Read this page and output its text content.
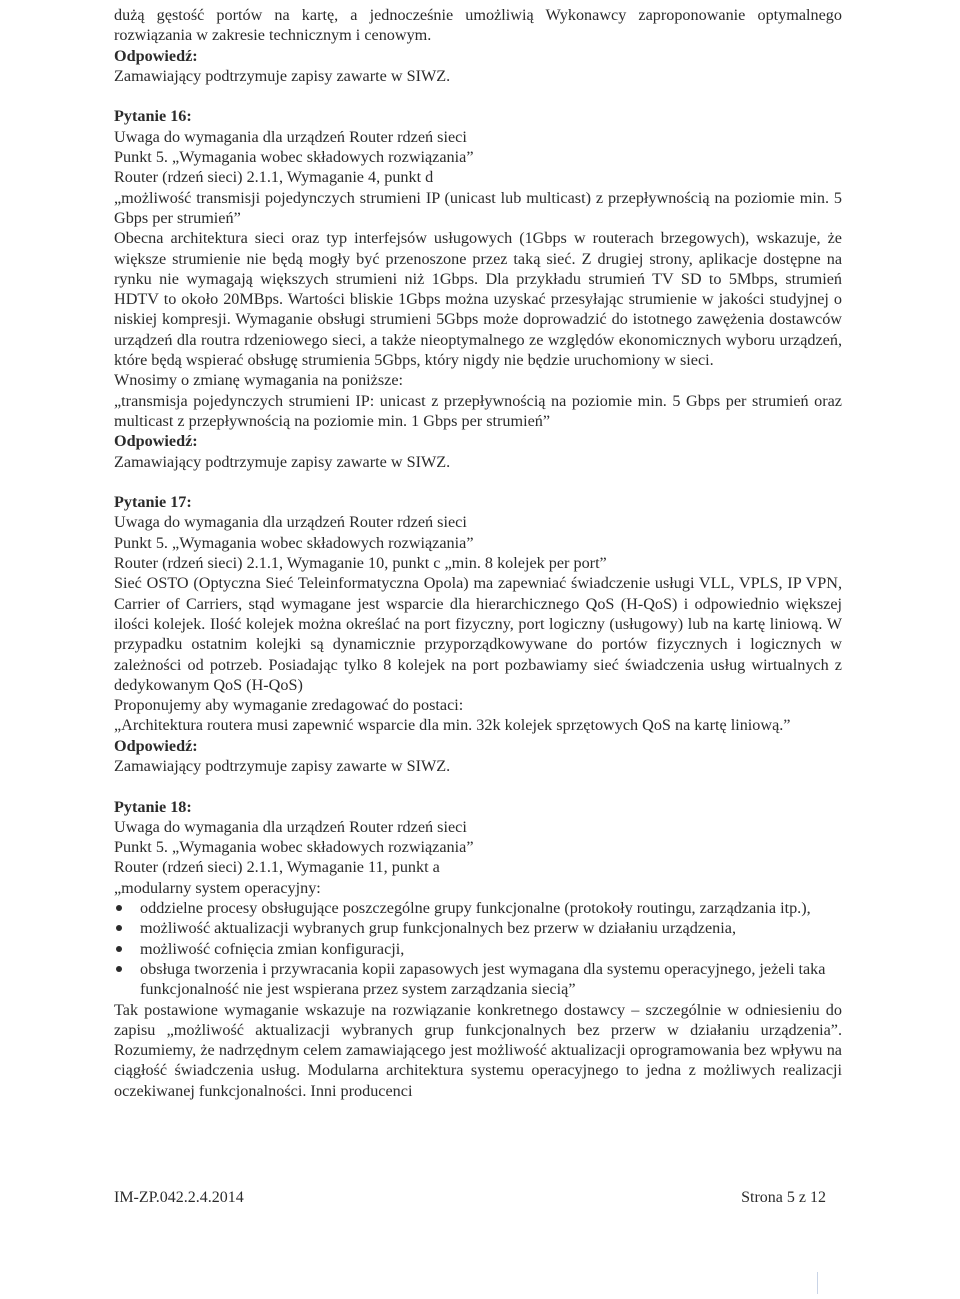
dużą gęstość portów na kartę, a jednocześnie umożliwią Wykonawcy zaproponowanie optymalnego rozwiązania w zakresie technicznym i cenowym.

Odpowiedź:

Zamawiający podtrzymuje zapisy zawarte w SIWZ.

Pytanie 16:

Uwaga do wymagania dla urządzeń Router rdzeń sieci

Punkt 5. „Wymagania wobec składowych rozwiązania”

Router (rdzeń sieci) 2.1.1, Wymaganie 4, punkt d

„możliwość transmisji pojedynczych strumieni IP (unicast lub multicast) z przepływnością na poziomie min. 5 Gbps per strumień”

Obecna architektura sieci oraz typ interfejsów usługowych (1Gbps w routerach brzegowych), wskazuje, że większe strumienie nie będą mogły być przenoszone przez taką sieć. Z drugiej strony, aplikacje dostępne na rynku nie wymagają większych strumieni niż 1Gbps. Dla przykładu strumień TV SD to 5Mbps, strumień HDTV to około 20MBps. Wartości bliskie 1Gbps można uzyskać przesyłając strumienie w jakości studyjnej o niskiej kompresji. Wymaganie obsługi strumieni 5Gbps może doprowadzić do istotnego zawężenia dostawców urządzeń dla routra rdzeniowego sieci, a także nieoptymalnego ze względów ekonomicznych wyboru urządzeń, które będą wspierać obsługę strumienia 5Gbps, który nigdy nie będzie uruchomiony w sieci.

Wnosimy o zmianę wymagania na poniższe:

„transmisja pojedynczych strumieni IP: unicast z przepływnością na poziomie min. 5 Gbps per strumień oraz multicast z przepływnością na poziomie min. 1 Gbps per strumień”

Odpowiedź:

Zamawiający podtrzymuje zapisy zawarte w SIWZ.

Pytanie 17:

Uwaga do wymagania dla urządzeń Router rdzeń sieci

Punkt 5. „Wymagania wobec składowych rozwiązania”

Router (rdzeń sieci) 2.1.1, Wymaganie 10, punkt c „min. 8 kolejek per port”

Sieć OSTO (Optyczna Sieć Teleinformatyczna Opola) ma zapewniać świadczenie usługi VLL, VPLS, IP VPN, Carrier of Carriers, stąd wymagane jest wsparcie dla hierarchicznego QoS (H-QoS) i odpowiednio większej ilości kolejek. Ilość kolejek można określać na port fizyczny, port logiczny (usługowy) lub na kartę liniową. W przypadku ostatnim kolejki są dynamicznie przyporządkowywane do portów fizycznych i logicznych w zależności od potrzeb. Posiadając tylko 8 kolejek na port pozbawiamy sieć świadczenia usług wirtualnych z dedykowanym QoS (H-QoS)

Proponujemy aby wymaganie zredagować do postaci:

„Architektura routera musi zapewnić wsparcie dla min. 32k kolejek sprzętowych QoS na kartę liniową.”

Odpowiedź:

Zamawiający podtrzymuje zapisy zawarte w SIWZ.

Pytanie 18:

Uwaga do wymagania dla urządzeń Router rdzeń sieci

Punkt 5. „Wymagania wobec składowych rozwiązania”

Router (rdzeń sieci) 2.1.1, Wymaganie 11, punkt a

„modularny system operacyjny:

oddzielne procesy obsługujące poszczególne grupy funkcjonalne (protokoły routingu, zarządzania itp.),
możliwość aktualizacji wybranych grup funkcjonalnych bez przerw w działaniu urządzenia,
możliwość cofnięcia zmian konfiguracji,
obsługa tworzenia i przywracania kopii zapasowych jest wymagana dla systemu operacyjnego, jeżeli taka funkcjonalność nie jest wspierana przez system zarządzania siecią”

Tak postawione wymaganie wskazuje na rozwiązanie konkretnego dostawcy – szczególnie w odniesieniu do zapisu „możliwość aktualizacji wybranych grup funkcjonalnych bez przerw w działaniu urządzenia”. Rozumiemy, że nadrzędnym celem zamawiającego jest możliwość aktualizacji oprogramowania bez wpływu na ciągłość świadczenia usług. Modularna architektura systemu operacyjnego to jedna z możliwych realizacji oczekiwanej funkcjonalności. Inni producenci

IM-ZP.042.2.4.2014	Strona 5 z 12
